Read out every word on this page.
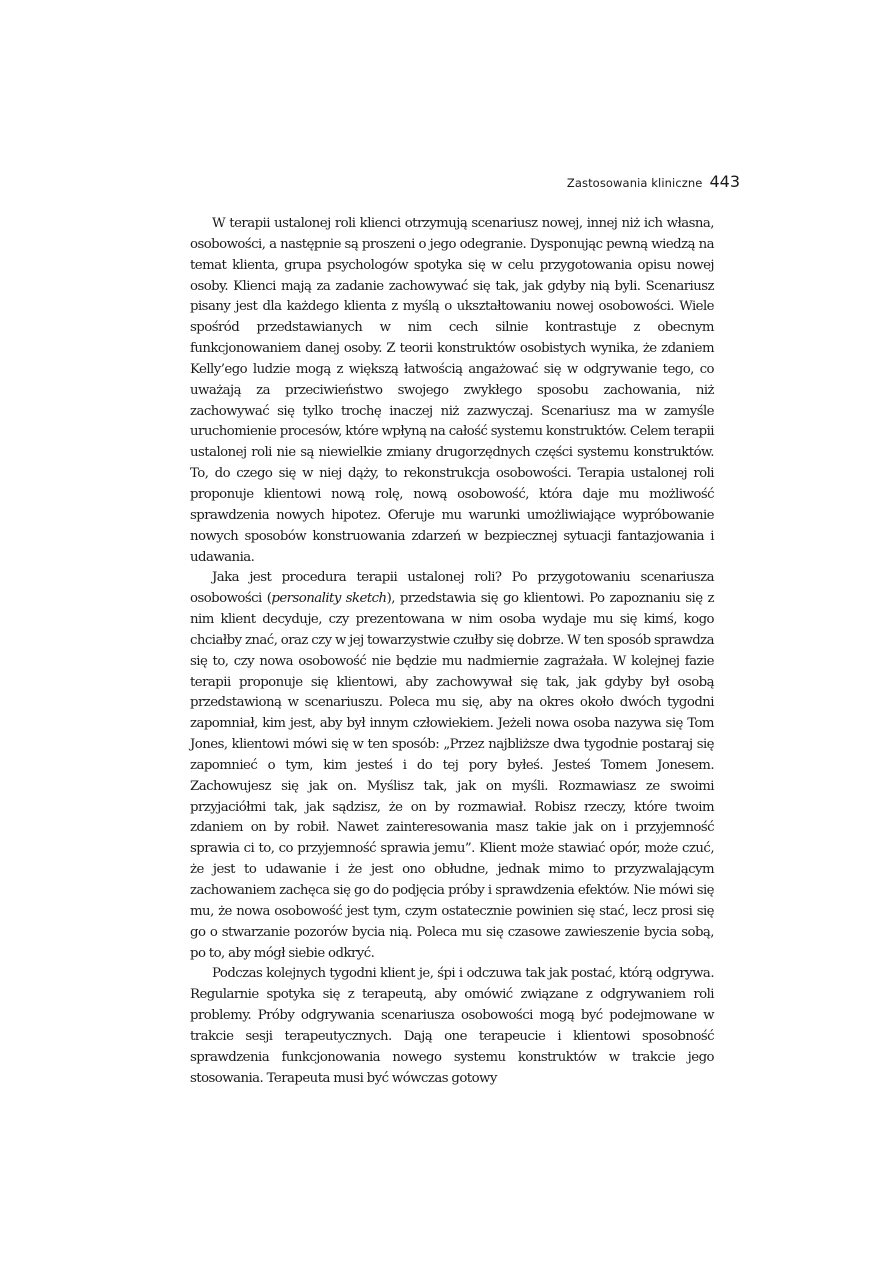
Zastosowania kliniczne 443

W terapii ustalonej roli klienci otrzymują scenariusz nowej, innej niż ich własna, osobowości, a następnie są proszeni o jego odegranie. Dysponując pewną wiedzą na temat klienta, grupa psychologów spotyka się w celu przygotowania opisu nowej osoby. Klienci mają za zadanie zachowywać się tak, jak gdyby nią byli. Scenariusz pisany jest dla każdego klienta z myślą o ukształtowaniu nowej osobowości. Wiele spośród przedstawianych w nim cech silnie kontrastuje z obecnym funkcjonowaniem danej osoby. Z teorii konstruktów osobistych wynika, że zdaniem Kelly’ego ludzie mogą z większą łatwością angażować się w odgrywanie tego, co uważają za przeciwieństwo swojego zwykłego sposobu zachowania, niż zachowywać się tylko trochę inaczej niż zazwyczaj. Scenariusz ma w zamyśle uruchomienie procesów, które wpłyną na całość systemu konstruktów. Celem terapii ustalonej roli nie są niewielkie zmiany drugorzędnych części systemu konstruktów. To, do czego się w niej dąży, to rekonstrukcja osobowości. Terapia ustalonej roli proponuje klientowi nową rolę, nową osobowość, która daje mu możliwość sprawdzenia nowych hipotez. Oferuje mu warunki umożliwiające wypróbowanie nowych sposobów konstruowania zdarzeń w bezpiecznej sytuacji fantazjowania i udawania.

Jaka jest procedura terapii ustalonej roli? Po przygotowaniu scenariusza osobowości (personality sketch), przedstawia się go klientowi. Po zapoznaniu się z nim klient decyduje, czy prezentowana w nim osoba wydaje mu się kimś, kogo chciałby znać, oraz czy w jej towarzystwie czułby się dobrze. W ten sposób sprawdza się to, czy nowa osobowość nie będzie mu nadmiernie zagrażała. W kolejnej fazie terapii proponuje się klientowi, aby zachowywał się tak, jak gdyby był osobą przedstawioną w scenariuszu. Poleca mu się, aby na okres około dwóch tygodni zapomniał, kim jest, aby był innym człowiekiem. Jeżeli nowa osoba nazywa się Tom Jones, klientowi mówi się w ten sposób: „Przez najbliższe dwa tygodnie postaraj się zapomnieć o tym, kim jesteś i do tej pory byłeś. Jesteś Tomem Jonesem. Zachowujesz się jak on. Myślisz tak, jak on myśli. Rozmawiasz ze swoimi przyjaciółmi tak, jak sądzisz, że on by rozmawiał. Robisz rzeczy, które twoim zdaniem on by robił. Nawet zainteresowania masz takie jak on i przyjemność sprawia ci to, co przyjemność sprawia jemu”. Klient może stawiać opór, może czuć, że jest to udawanie i że jest ono obłudne, jednak mimo to przyzwalającym zachowaniem zachęca się go do podjęcia próby i sprawdzenia efektów. Nie mówi się mu, że nowa osobowość jest tym, czym ostatecznie powinien się stać, lecz prosi się go o stwarzanie pozorów bycia nią. Poleca mu się czasowe zawieszenie bycia sobą, po to, aby mógł siebie odkryć.

Podczas kolejnych tygodni klient je, śpi i odczuwa tak jak postać, którą odgrywa. Regularnie spotyka się z terapeutą, aby omówić związane z odgrywaniem roli problemy. Próby odgrywania scenariusza osobowości mogą być podejmowane w trakcie sesji terapeutycznych. Dają one terapeucie i klientowi sposobność sprawdzenia funkcjonowania nowego systemu konstruktów w trakcie jego stosowania. Terapeuta musi być wówczas gotowy
